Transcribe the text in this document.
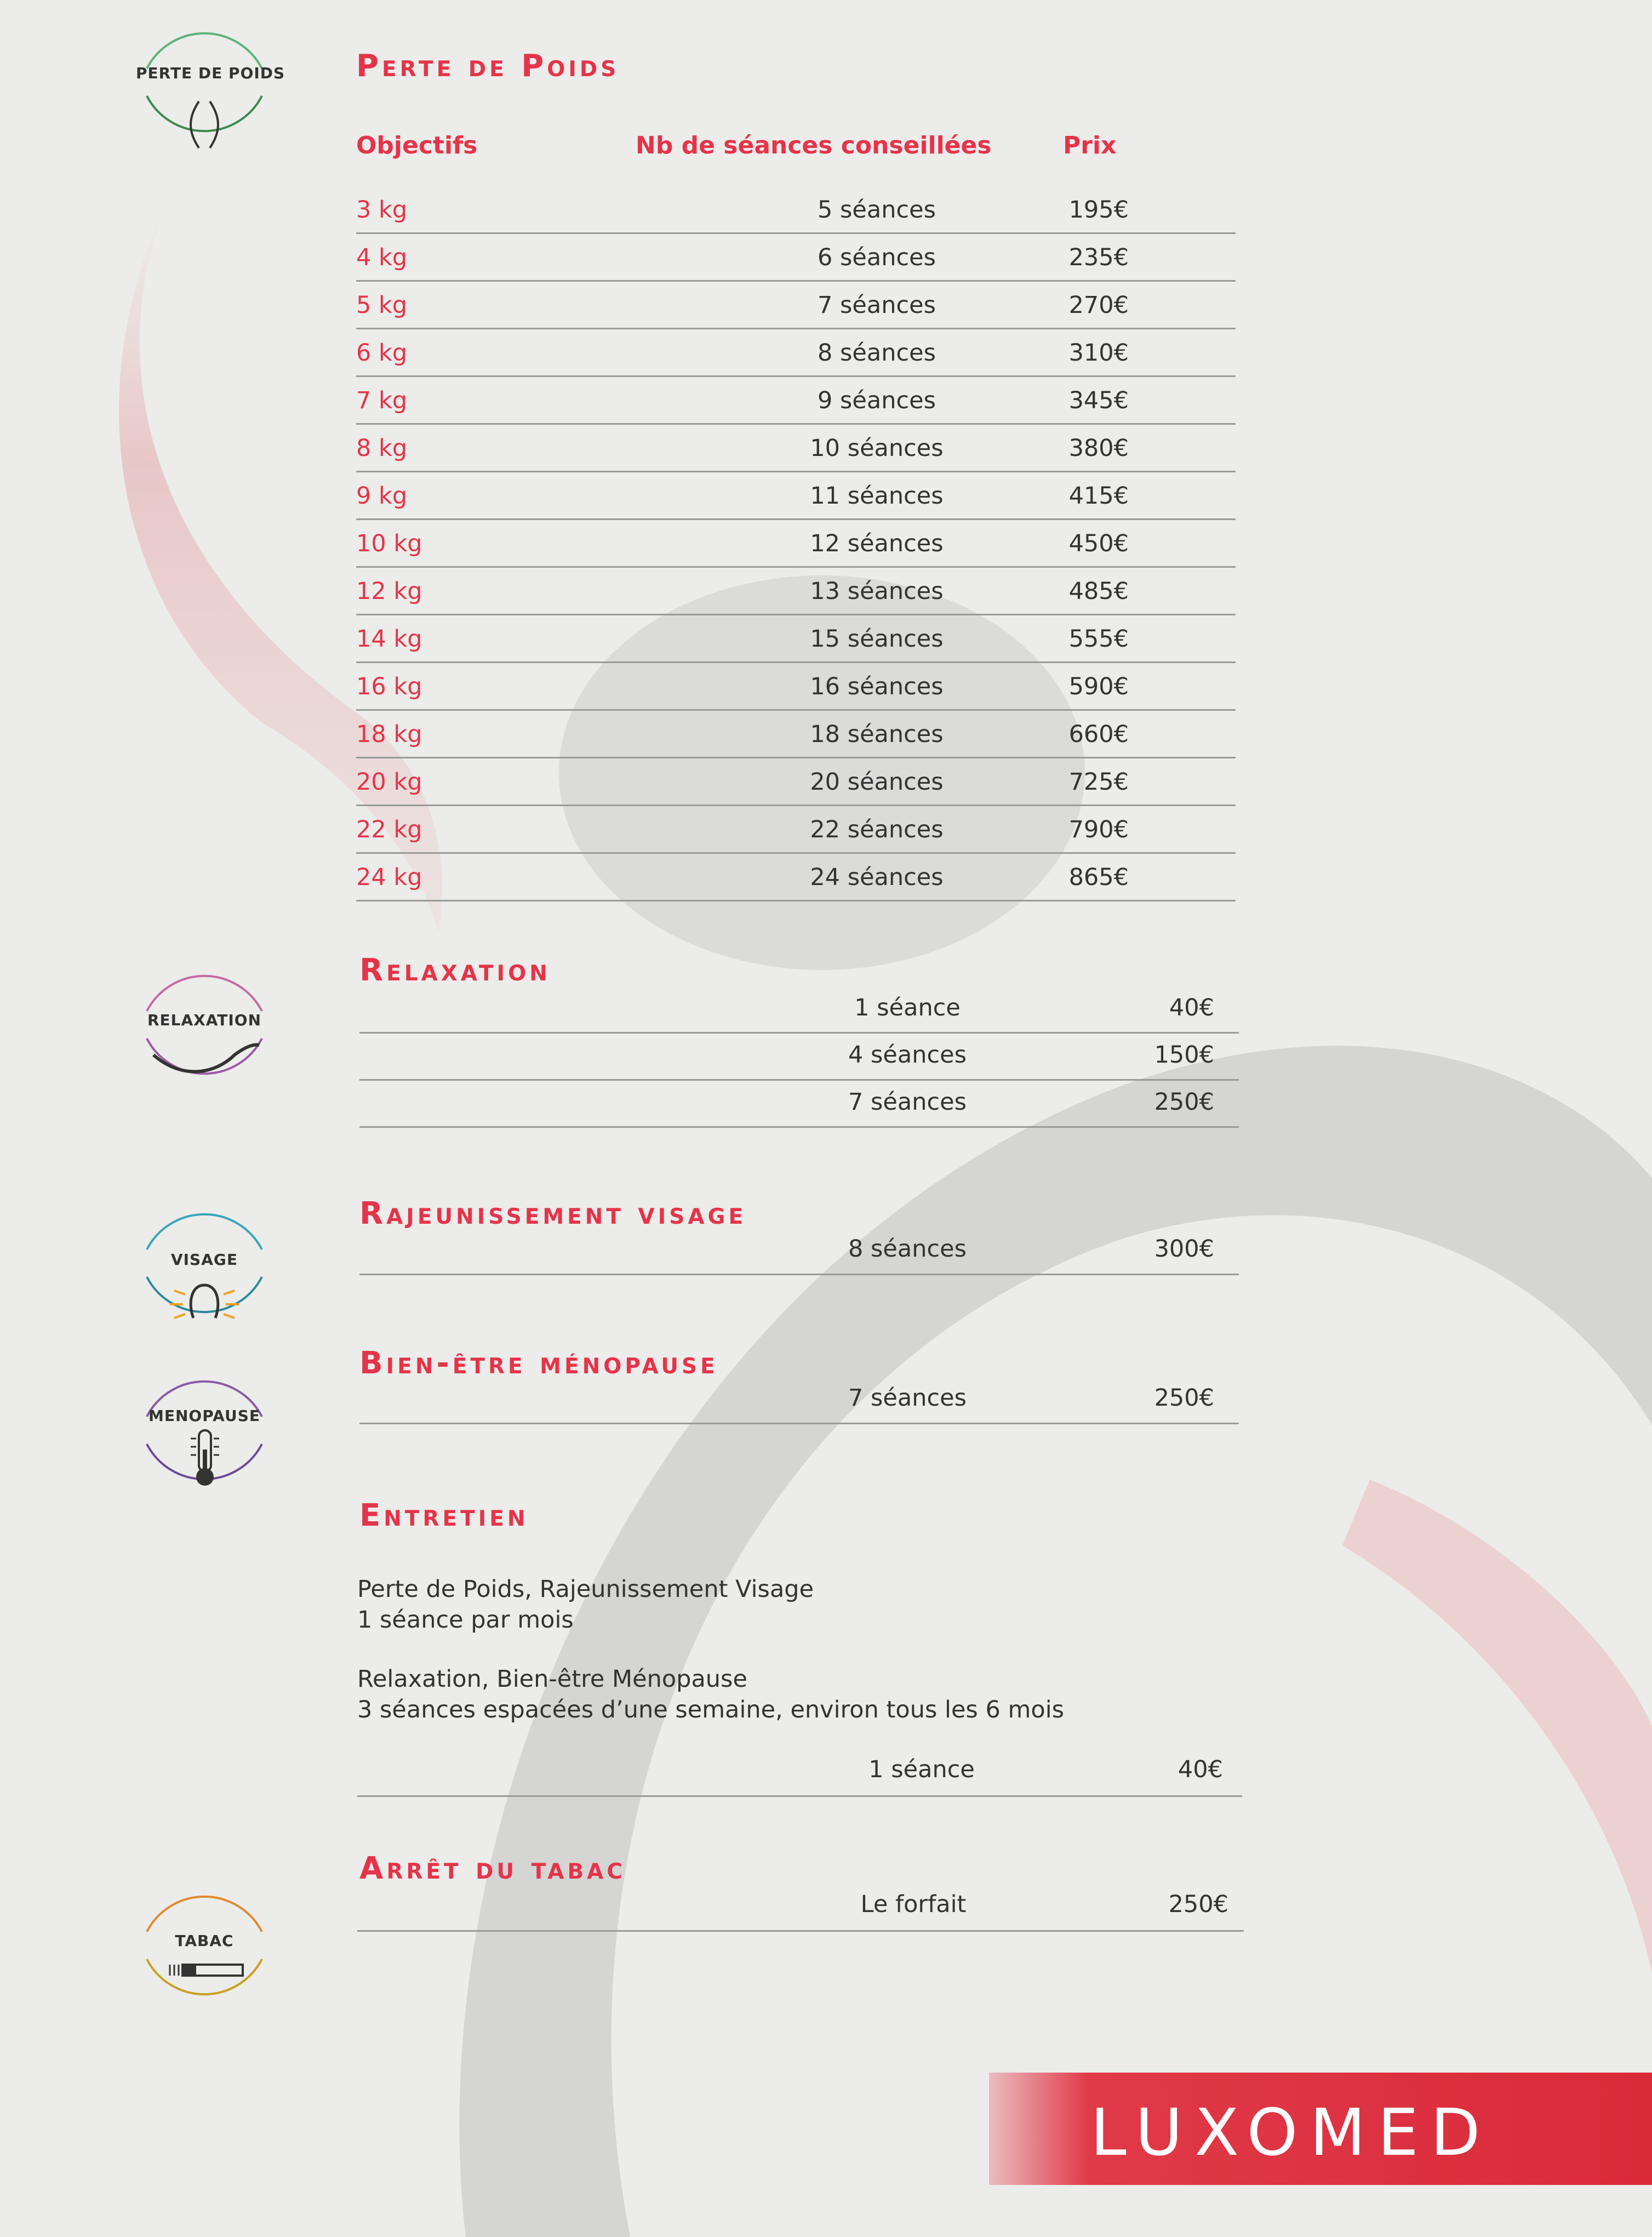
PERTE DE POIDS
RELAXATION
VISAGE
MENOPAUSE
TABAC
Perte de Poids
Objectifs	Nb de séances conseillées	Prix
3 kg	5 séances	195€
4 kg	6 séances	235€
5 kg	7 séances	270€
6 kg	8 séances	310€
7 kg	9 séances	345€
8 kg	10 séances	380€
9 kg	11 séances	415€
10 kg	12 séances	450€
12 kg	13 séances	485€
14 kg	15 séances	555€
16 kg	16 séances	590€
18 kg	18 séances	660€
20 kg	20 séances	725€
22 kg	22 séances	790€
24 kg	24 séances	865€
Relaxation
1 séance	40€
4 séances	150€
7 séances	250€
Rajeunissement visage
8 séances	300€
Bien-être ménopause
7 séances	250€
Entretien
Perte de Poids, Rajeunissement Visage
1 séance par mois
Relaxation, Bien-être Ménopause
3 séances espacées d’une semaine, environ tous les 6 mois
1 séance	40€
Arrêt du tabac
Le forfait	250€
LUXOMED
